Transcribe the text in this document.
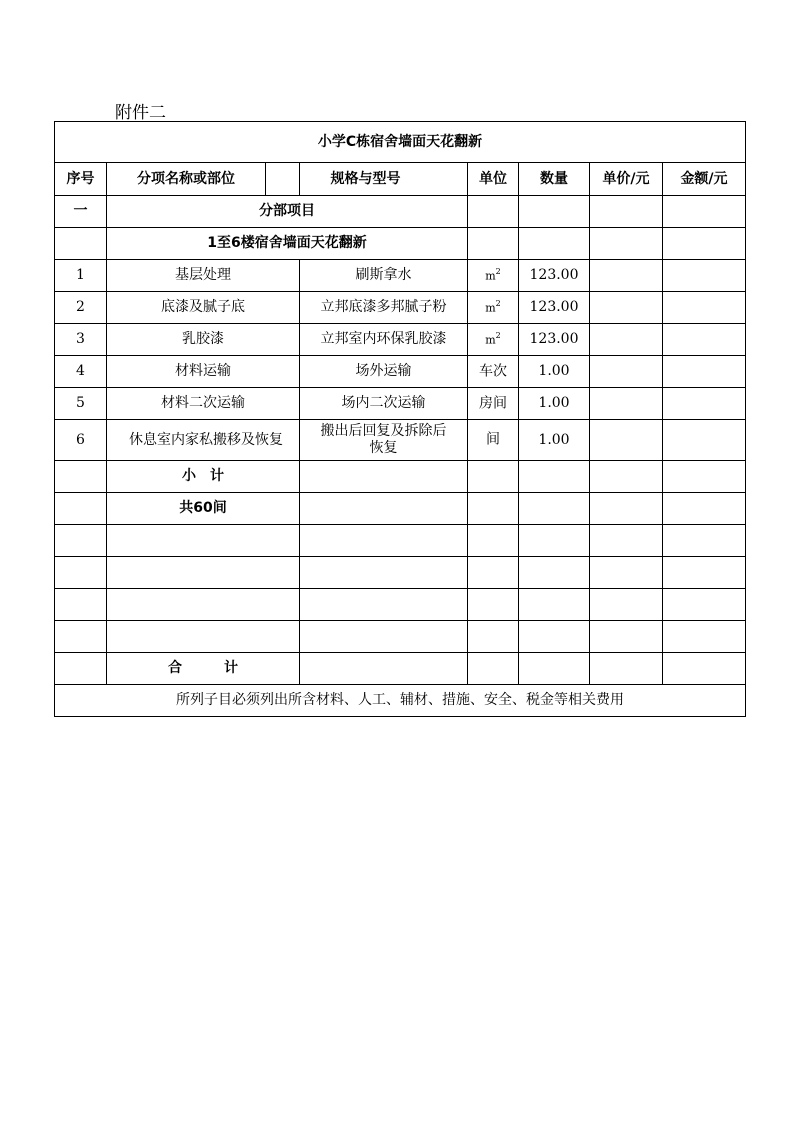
附件二
小学C栋宿舍墙面天花翻新						
序号	分项名称或部位	规格与型号	单位	数量	单价/元	金额/元
一	分部项目					
	1至6楼宿舍墙面天花翻新					
1	基层处理	刷斯拿水	$m^2$	123.00		
2	底漆及腻子底	立邦底漆多邦腻子粉	$m^2$	123.00		
3	乳胶漆	立邦室内环保乳胶漆	$m^2$	123.00		
4	材料运输	场外运输	车次	1.00		
5	材料二次运输	场内二次运输	房间	1.00		
6	休息室内家私搬移及恢复	搬出后回复及拆除后恢复	间	1.00		
	小　计					
	共60间					

	合　　　计					
所列子目必须列出所含材料、人工、辅材、措施、安全、税金等相关费用						
